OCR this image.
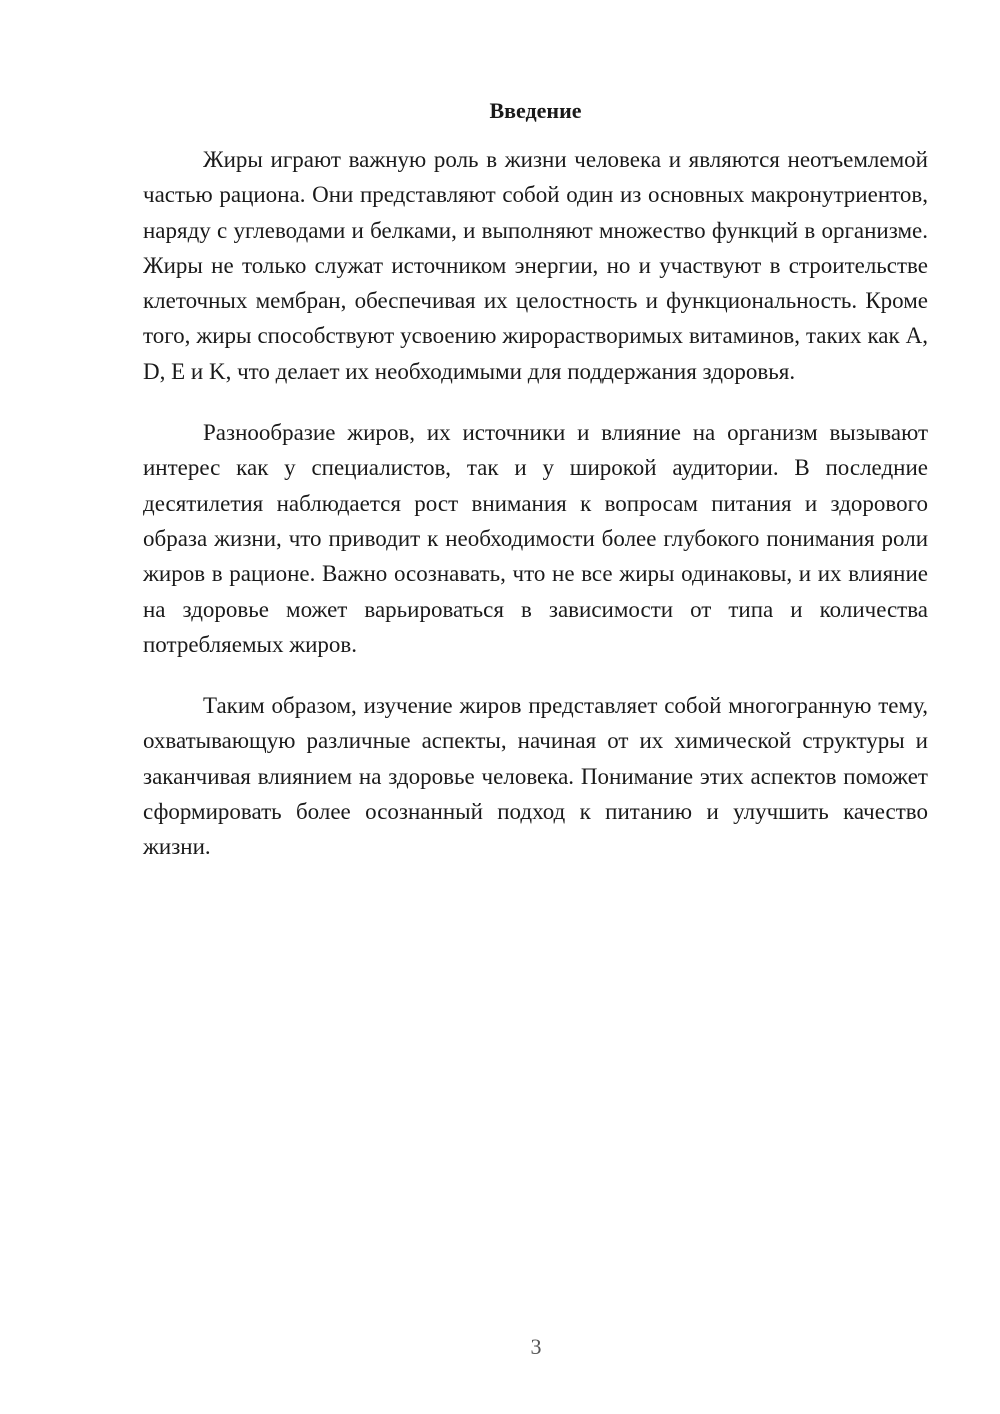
Введение

Жиры играют важную роль в жизни человека и являются неотъемлемой частью рациона. Они представляют собой один из основных макронутриентов, наряду с углеводами и белками, и выполняют множество функций в организме. Жиры не только служат источником энергии, но и участвуют в строительстве клеточных мембран, обеспечивая их целостность и функциональность. Кроме того, жиры способствуют усвоению жирорастворимых витаминов, таких как A, D, E и K, что делает их необходимыми для поддержания здоровья.

Разнообразие жиров, их источники и влияние на организм вызывают интерес как у специалистов, так и у широкой аудитории. В последние десятилетия наблюдается рост внимания к вопросам питания и здорового образа жизни, что приводит к необходимости более глубокого понимания роли жиров в рационе. Важно осознавать, что не все жиры одинаковы, и их влияние на здоровье может варьироваться в зависимости от типа и количества потребляемых жиров.

Таким образом, изучение жиров представляет собой многогранную тему, охватывающую различные аспекты, начиная от их химической структуры и заканчивая влиянием на здоровье человека. Понимание этих аспектов поможет сформировать более осознанный подход к питанию и улучшить качество жизни.

3
